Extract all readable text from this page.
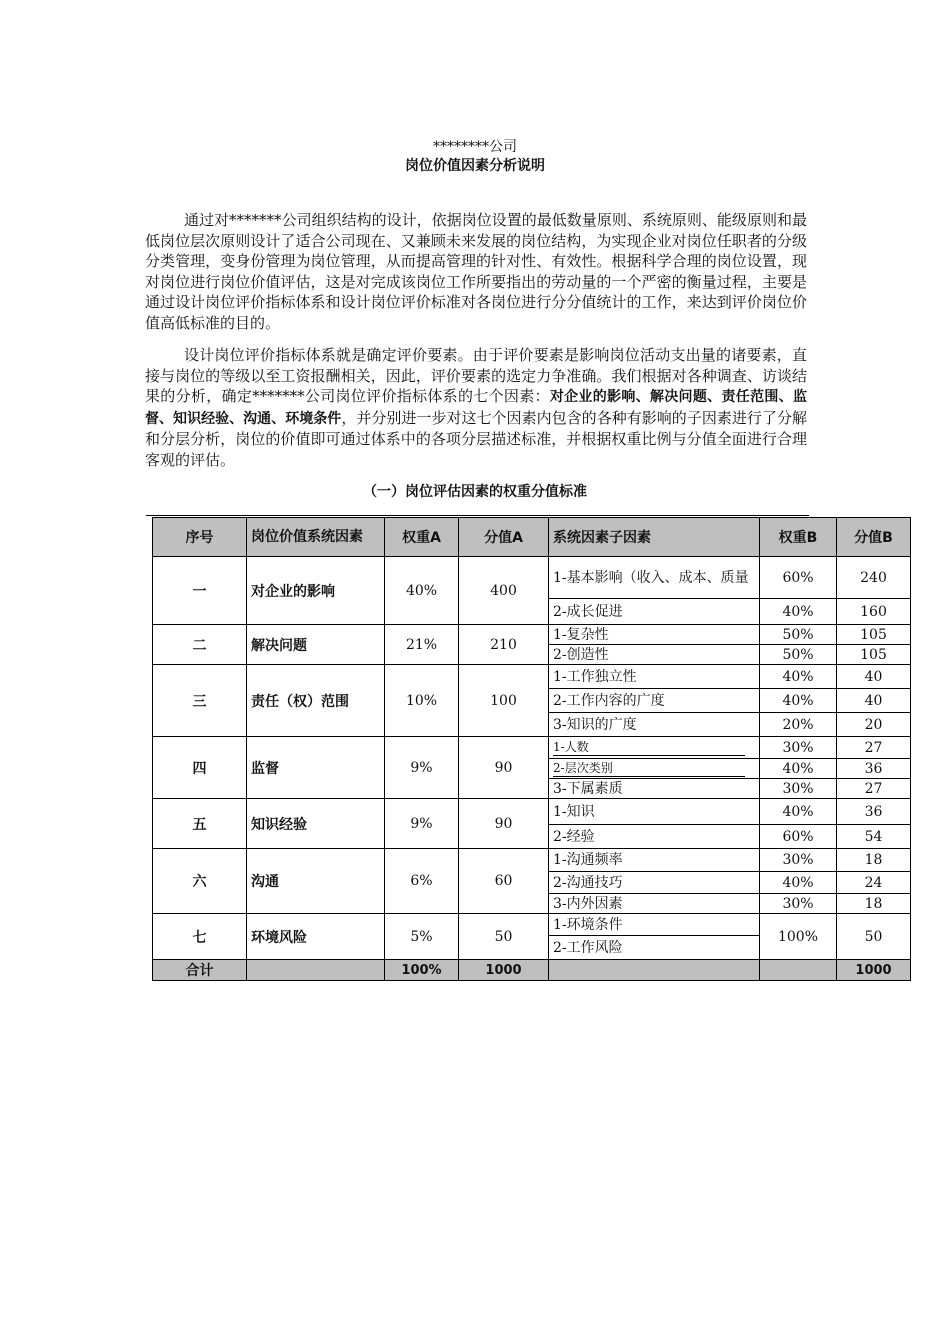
********公司
岗位价值因素分析说明

通过对*******公司组织结构的设计，依据岗位设置的最低数量原则、系统原则、能级原则和最低岗位层次原则设计了适合公司现在、又兼顾未来发展的岗位结构，为实现企业对岗位任职者的分级分类管理，变身份管理为岗位管理，从而提高管理的针对性、有效性。根据科学合理的岗位设置，现对岗位进行岗位价值评估，这是对完成该岗位工作所要指出的劳动量的一个严密的衡量过程，主要是通过设计岗位评价指标体系和设计岗位评价标准对各岗位进行分分值统计的工作，来达到评价岗位价值高低标准的目的。

设计岗位评价指标体系就是确定评价要素。由于评价要素是影响岗位活动支出量的诸要素，直接与岗位的等级以至工资报酬相关，因此，评价要素的选定力争准确。我们根据对各种调查、访谈结果的分析，确定*******公司岗位评价指标体系的七个因素：对企业的影响、解决问题、责任范围、监督、知识经验、沟通、环境条件，并分别进一步对这七个因素内包含的各种有影响的子因素进行了分解和分层分析，岗位的价值即可通过体系中的各项分层描述标准，并根据权重比例与分值全面进行合理客观的评估。

（一）岗位评估因素的权重分值标准
序号	岗位价值系统因素	权重A	分值A	系统因素子因素	权重B	分值B
一	对企业的影响	40%	400	1-基本影响（收入、成本、质量	60%	240
				2-成长促进	40%	160
二	解决问题	21%	210	1-复杂性	50%	105
				2-创造性	50%	105
三	责任（权）范围	10%	100	1-工作独立性	40%	40
				2-工作内容的广度	40%	40
				3-知识的广度	20%	20
四	监督	9%	90	1-人数	30%	27
				2-层次类别	40%	36
				3-下属素质	30%	27
五	知识经验	9%	90	1-知识	40%	36
				2-经验	60%	54
六	沟通	6%	60	1-沟通频率	30%	18
				2-沟通技巧	40%	24
				3-内外因素	30%	18
七	环境风险	5%	50	1-环境条件	100%	50
				2-工作风险		
合计		100%	1000			1000
